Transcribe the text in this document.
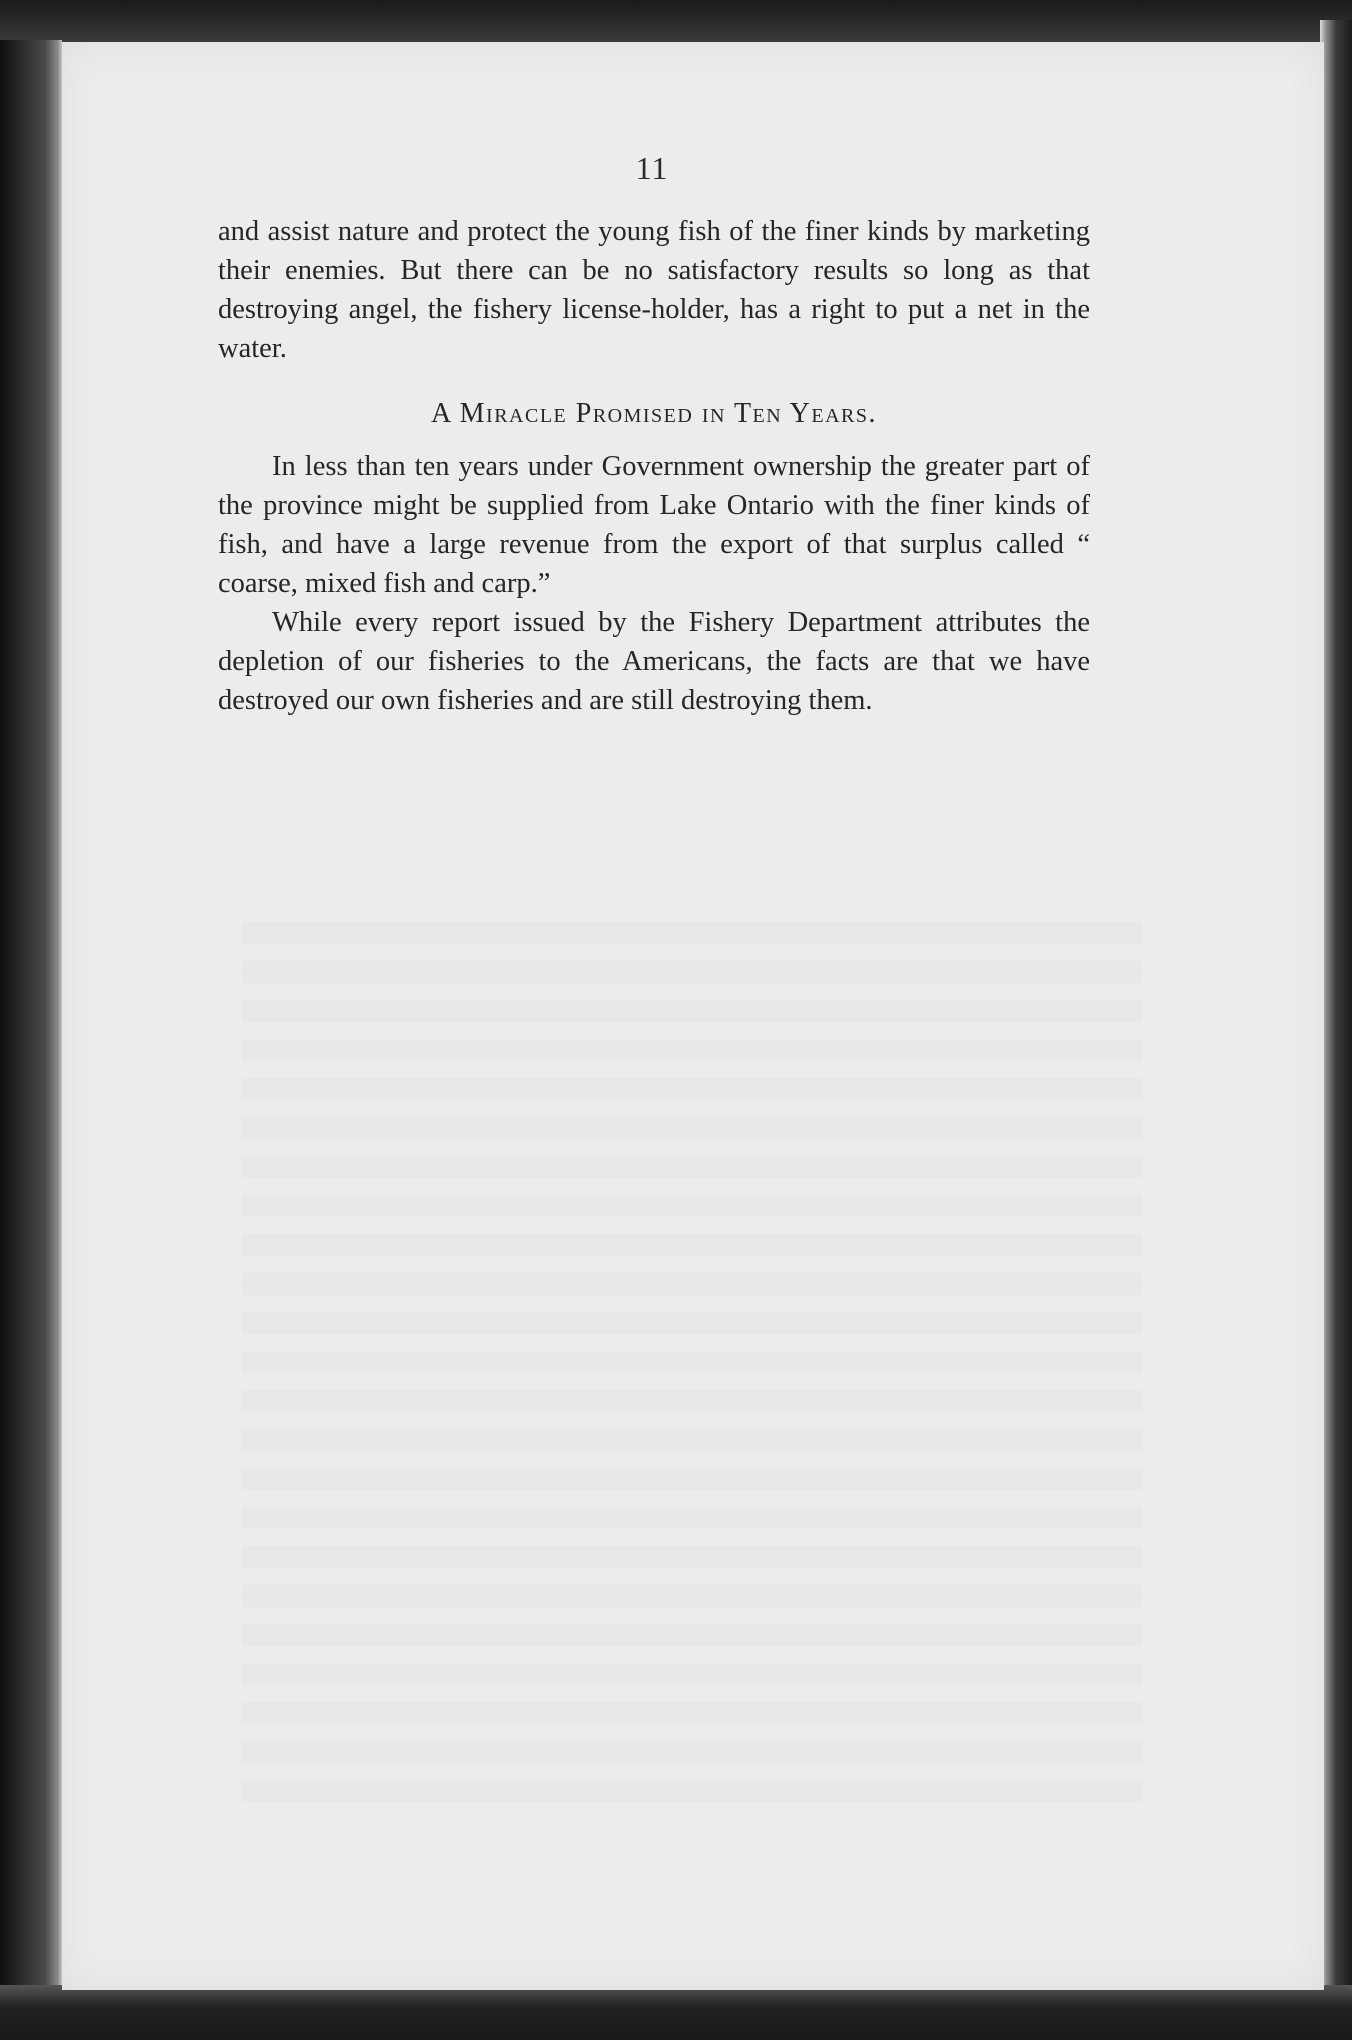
11

and assist nature and protect the young fish of the finer kinds by marketing their enemies. But there can be no satisfactory results so long as that destroying angel, the fishery license-holder, has a right to put a net in the water.

A Miracle Promised in Ten Years.

In less than ten years under Government ownership the greater part of the province might be supplied from Lake Ontario with the finer kinds of fish, and have a large revenue from the export of that surplus called “ coarse, mixed fish and carp.”

While every report issued by the Fishery Department attributes the depletion of our fisheries to the Americans, the facts are that we have destroyed our own fisheries and are still destroying them.
